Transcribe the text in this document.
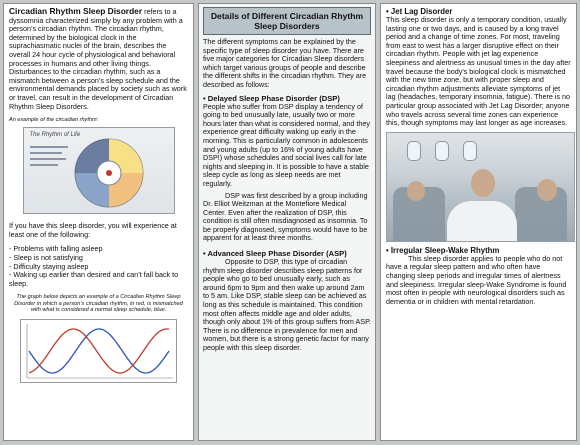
Circadian Rhythm Sleep Disorder refers to a dyssomnia characterized simply by any problem with a person’s circadian rhythm. The circadian rhythm, determined by the biological clock in the suprachiasmatic nuclei of the brain, describes the overall 24 hour cycle of physiological and behavioral processes in humans and other living things. Disturbances to the circadian rhythm, such as a mismatch between a person’s sleep schedule and the environmental demands placed by society such as work or travel, can result in the development of Circadian Rhythm Sleep Disorders.

An example of the circadian rhythm:

The Rhythm of Life

If you have this sleep disorder, you will experience at least one of the following:

- Problems with falling asleep
- Sleep is not satisfying
- Difficulty staying asleep
- Waking up earlier than desired and can’t fall back to sleep.

The graph below depicts an example of a Circadian Rhythm Sleep Disorder in which a person’s circadian rhythm, in red, is mismatched with what is considered a normal sleep schedule, blue.

Details of Different Circadian Rhythm Sleep Disorders

The different symptoms can be explained by the specific type of sleep disorder you have. There are five major categories for Circadian Sleep disorders which target various groups of people and describe the different shifts in the circadian rhythm. They are described as follows:

• Delayed Sleep Phase Disorder (DSP)

People who suffer from DSP display a tendency of going to bed unusually late, usually two or more hours later than what is considered normal, and they experience great difficulty waking up early in the morning. This is particularly common in adolescents and young adults (up to 16% of young adults have DSP!) whose schedules and social lives call for late nights and sleeping in. It is possible to have a stable sleep cycle as long as sleep needs are met regularly.

DSP was first described by a group including Dr. Elliot Weitzman at the Montefiore Medical Center. Even after the realization of DSP, this condition is still often misdiagnosed as insomnia. To be properly diagnosed, symptoms would have to be apparent for at least three months.

• Advanced Sleep Phase Disorder (ASP)

Opposite to DSP, this type of circadian rhythm sleep disorder describes sleep patterns for people who go to bed unusually early, such as around 6pm to 9pm and then wake up around 2am to 5 am. Like DSP, stable sleep can be achieved as long as this schedule is maintained. This condition most often affects middle age and older adults, though only about 1% of this group suffers from ASP. There is no difference in prevalence for men and women, but there is a strong genetic factor for many people with this sleep disorder.

• Jet Lag Disorder

This sleep disorder is only a temporary condition, usually lasting one or two days, and is caused by a long travel period and a change of time zones. For most, traveling from east to west has a larger disruptive effect on their circadian rhythm. People with jet lag experience sleepiness and alertness as unusual times in the day after travel because the body's biological clock is mismatched with the new time zone, but with proper sleep and circadian rhythm adjustments alleviate symptoms of jet lag (headaches, temporary insomnia, fatigue). There is no particular group associated with Jet Lag Disorder; anyone who travels across several time zones can experience this, though symptoms may last longer as age increases.

• Irregular Sleep-Wake Rhythm

This sleep disorder applies to people who do not have a regular sleep pattern and who often have changing sleep periods and irregular times of alertness and sleepiness. Irregular sleep-Wake Syndrome is found most often in people with neurological disorders such as dementia or in children with mental retardation.
